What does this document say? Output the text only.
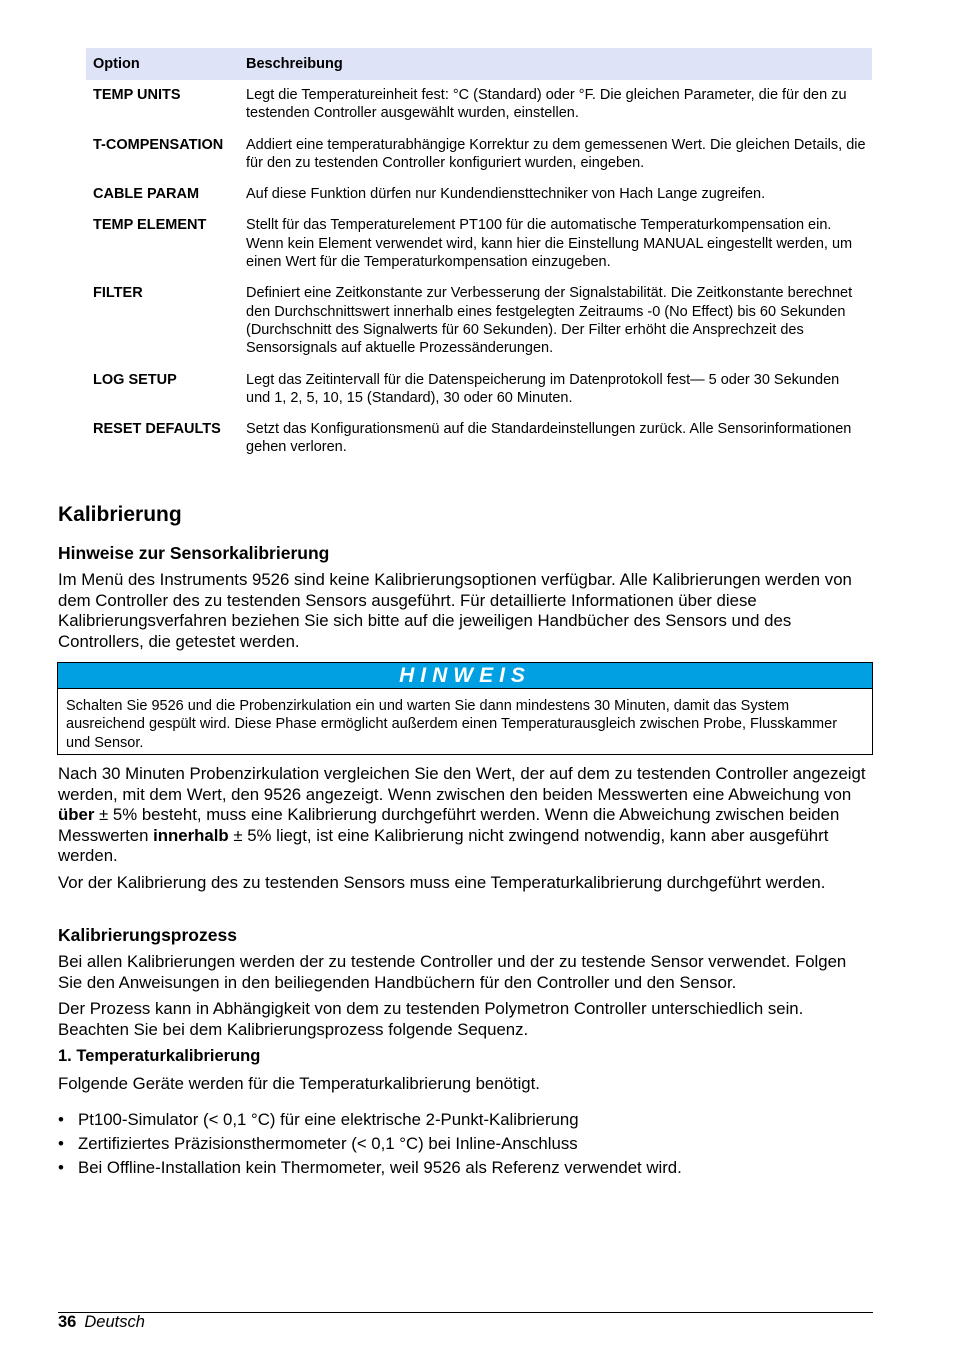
Option	Beschreibung
TEMP UNITS	Legt die Temperatureinheit fest: °C (Standard) oder °F. Die gleichen Parameter, die für den zu testenden Controller ausgewählt wurden, einstellen.
T-COMPENSATION	Addiert eine temperaturabhängige Korrektur zu dem gemessenen Wert. Die gleichen Details, die für den zu testenden Controller konfiguriert wurden, eingeben.
CABLE PARAM	Auf diese Funktion dürfen nur Kundendiensttechniker von Hach Lange zugreifen.
TEMP ELEMENT	Stellt für das Temperaturelement PT100 für die automatische Temperaturkompensation ein. Wenn kein Element verwendet wird, kann hier die Einstellung MANUAL eingestellt werden, um einen Wert für die Temperaturkompensation einzugeben.
FILTER	Definiert eine Zeitkonstante zur Verbesserung der Signalstabilität. Die Zeitkonstante berechnet den Durchschnittswert innerhalb eines festgelegten Zeitraums -0 (No Effect) bis 60 Sekunden (Durchschnitt des Signalwerts für 60 Sekunden). Der Filter erhöht die Ansprechzeit des Sensorsignals auf aktuelle Prozessänderungen.
LOG SETUP	Legt das Zeitintervall für die Datenspeicherung im Datenprotokoll fest— 5 oder 30 Sekunden und 1, 2, 5, 10, 15 (Standard), 30 oder 60 Minuten.
RESET DEFAULTS	Setzt das Konfigurationsmenü auf die Standardeinstellungen zurück. Alle Sensorinformationen gehen verloren.
Kalibrierung
Hinweise zur Sensorkalibrierung
Im Menü des Instruments 9526 sind keine Kalibrierungsoptionen verfügbar. Alle Kalibrierungen werden von dem Controller des zu testenden Sensors ausgeführt. Für detaillierte Informationen über diese Kalibrierungsverfahren beziehen Sie sich bitte auf die jeweiligen Handbücher des Sensors und des Controllers, die getestet werden.
HINWEIS
Schalten Sie 9526 und die Probenzirkulation ein und warten Sie dann mindestens 30 Minuten, damit das System ausreichend gespült wird. Diese Phase ermöglicht außerdem einen Temperaturausgleich zwischen Probe, Flusskammer und Sensor.
Nach 30 Minuten Probenzirkulation vergleichen Sie den Wert, der auf dem zu testenden Controller angezeigt werden, mit dem Wert, den 9526 angezeigt. Wenn zwischen den beiden Messwerten eine Abweichung von über ± 5% besteht, muss eine Kalibrierung durchgeführt werden. Wenn die Abweichung zwischen beiden Messwerten innerhalb ± 5% liegt, ist eine Kalibrierung nicht zwingend notwendig, kann aber ausgeführt werden.
Vor der Kalibrierung des zu testenden Sensors muss eine Temperaturkalibrierung durchgeführt werden.
Kalibrierungsprozess
Bei allen Kalibrierungen werden der zu testende Controller und der zu testende Sensor verwendet. Folgen Sie den Anweisungen in den beiliegenden Handbüchern für den Controller und den Sensor.
Der Prozess kann in Abhängigkeit von dem zu testenden Polymetron Controller unterschiedlich sein. Beachten Sie bei dem Kalibrierungsprozess folgende Sequenz.
1. Temperaturkalibrierung
Folgende Geräte werden für die Temperaturkalibrierung benötigt.
• Pt100-Simulator (< 0,1 °C) für eine elektrische 2-Punkt-Kalibrierung
• Zertifiziertes Präzisionsthermometer (< 0,1 °C) bei Inline-Anschluss
• Bei Offline-Installation kein Thermometer, weil 9526 als Referenz verwendet wird.
36 Deutsch
